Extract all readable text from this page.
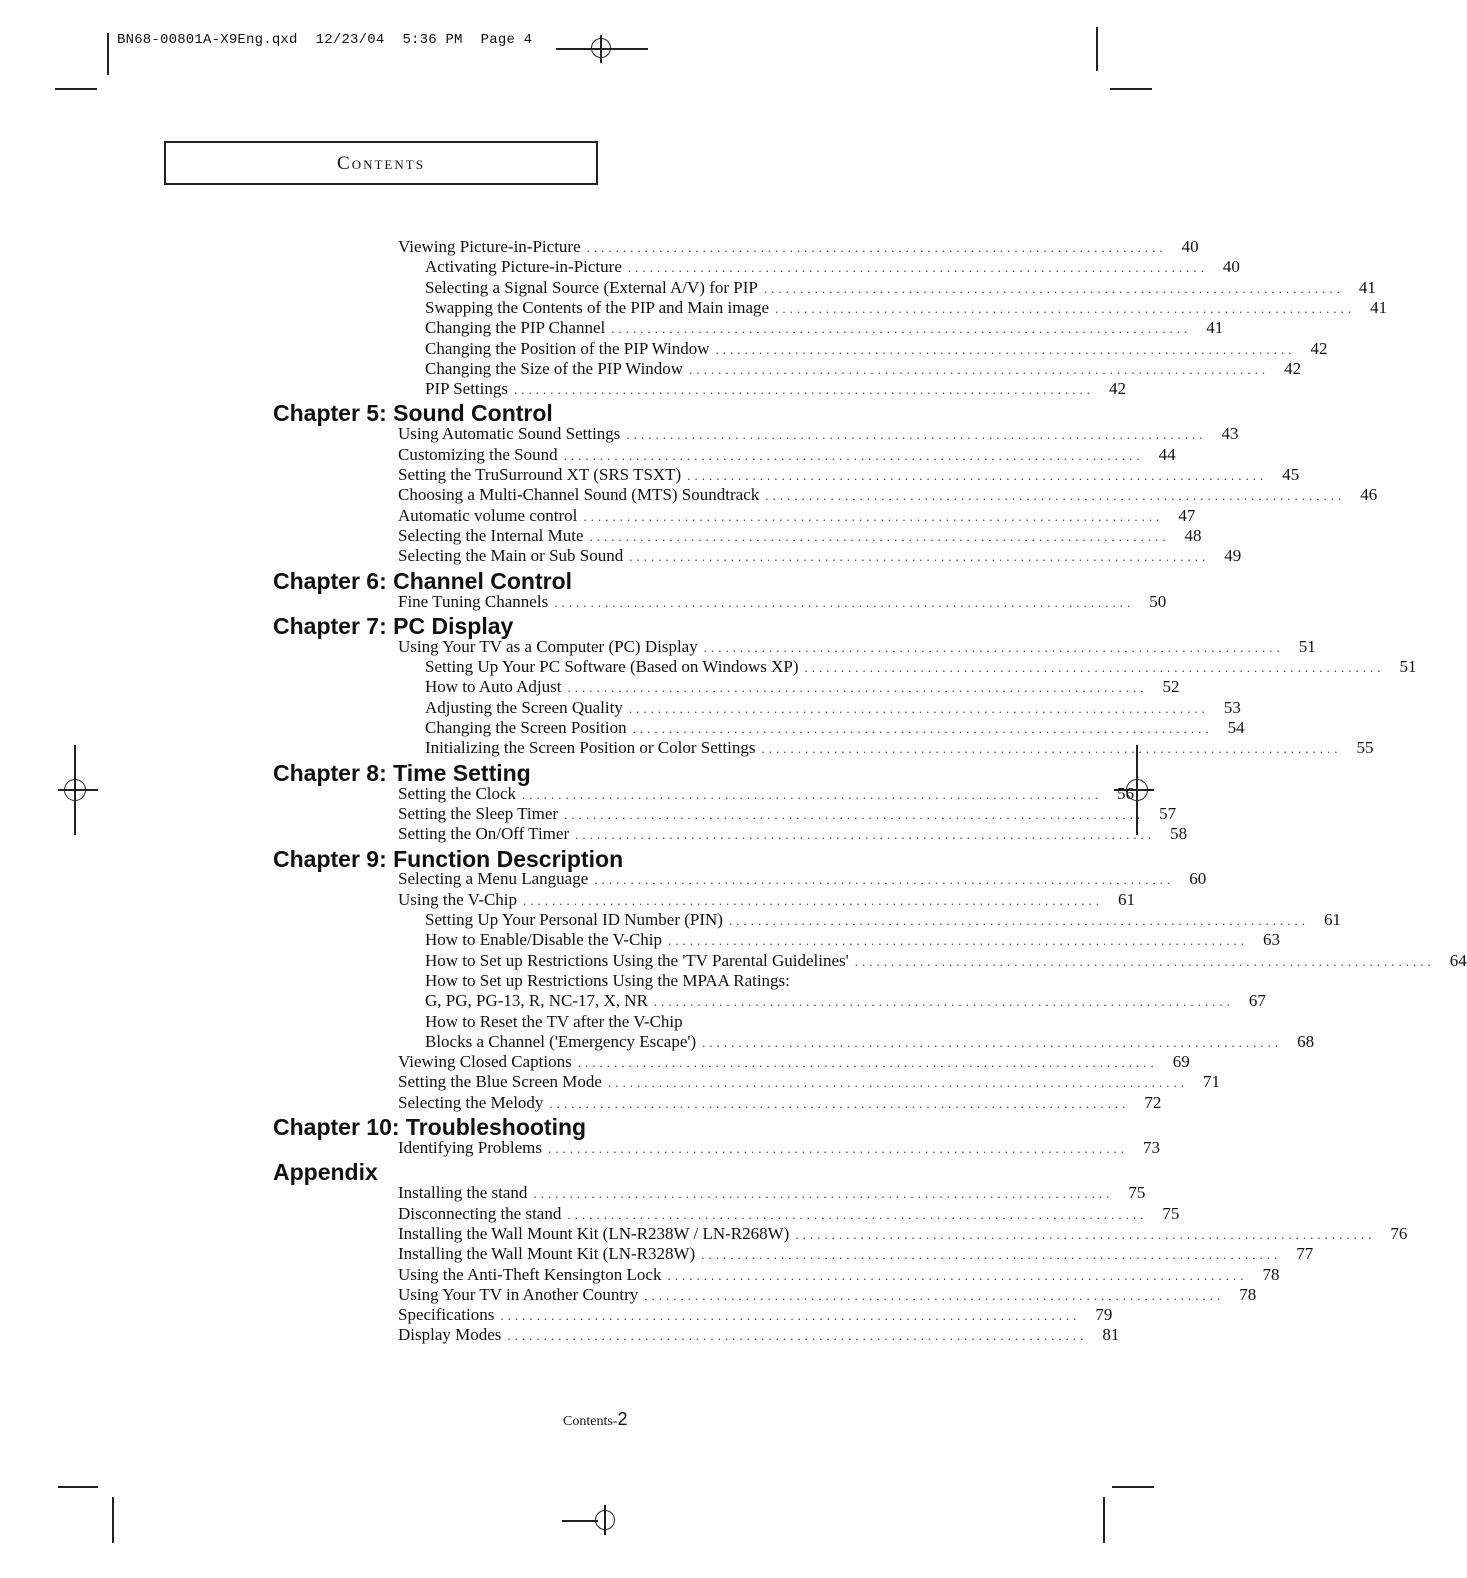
BN68-00801A-X9Eng.qxd 12/23/04 5:36 PM Page 4
Contents
Viewing Picture-in-Picture ................................................................................ 40
Activating Picture-in-Picture ................................................................................ 40
Selecting a Signal Source (External A/V) for PIP ................................................................................ 41
Swapping the Contents of the PIP and Main image ................................................................................ 41
Changing the PIP Channel ................................................................................ 41
Changing the Position of the PIP Window ................................................................................ 42
Changing the Size of the PIP Window ................................................................................ 42
PIP Settings ................................................................................ 42
Chapter 5: Sound Control
Using Automatic Sound Settings ................................................................................ 43
Customizing the Sound ................................................................................ 44
Setting the TruSurround XT (SRS TSXT) ................................................................................ 45
Choosing a Multi-Channel Sound (MTS) Soundtrack ................................................................................ 46
Automatic volume control ................................................................................ 47
Selecting the Internal Mute ................................................................................ 48
Selecting the Main or Sub Sound ................................................................................ 49
Chapter 6: Channel Control
Fine Tuning Channels ................................................................................ 50
Chapter 7: PC Display
Using Your TV as a Computer (PC) Display ................................................................................ 51
Setting Up Your PC Software (Based on Windows XP) ................................................................................ 51
How to Auto Adjust ................................................................................ 52
Adjusting the Screen Quality ................................................................................ 53
Changing the Screen Position ................................................................................ 54
Initializing the Screen Position or Color Settings ................................................................................ 55
Chapter 8: Time Setting
Setting the Clock ................................................................................ 56
Setting the Sleep Timer ................................................................................ 57
Setting the On/Off Timer ................................................................................ 58
Chapter 9: Function Description
Selecting a Menu Language ................................................................................ 60
Using the V-Chip ................................................................................ 61
Setting Up Your Personal ID Number (PIN) ................................................................................ 61
How to Enable/Disable the V-Chip ................................................................................ 63
How to Set up Restrictions Using the 'TV Parental Guidelines' ................................................................................ 64
How to Set up Restrictions Using the MPAA Ratings:
G, PG, PG-13, R, NC-17, X, NR ................................................................................ 67
How to Reset the TV after the V-Chip
Blocks a Channel ('Emergency Escape') ................................................................................ 68
Viewing Closed Captions ................................................................................ 69
Setting the Blue Screen Mode ................................................................................ 71
Selecting the Melody ................................................................................ 72
Chapter 10: Troubleshooting
Identifying Problems ................................................................................ 73
Appendix
Installing the stand ................................................................................ 75
Disconnecting the stand ................................................................................ 75
Installing the Wall Mount Kit (LN-R238W / LN-R268W) ................................................................................ 76
Installing the Wall Mount Kit (LN-R328W) ................................................................................ 77
Using the Anti-Theft Kensington Lock ................................................................................ 78
Using Your TV in Another Country ................................................................................ 78
Specifications ................................................................................ 79
Display Modes ................................................................................ 81
Contents-2
